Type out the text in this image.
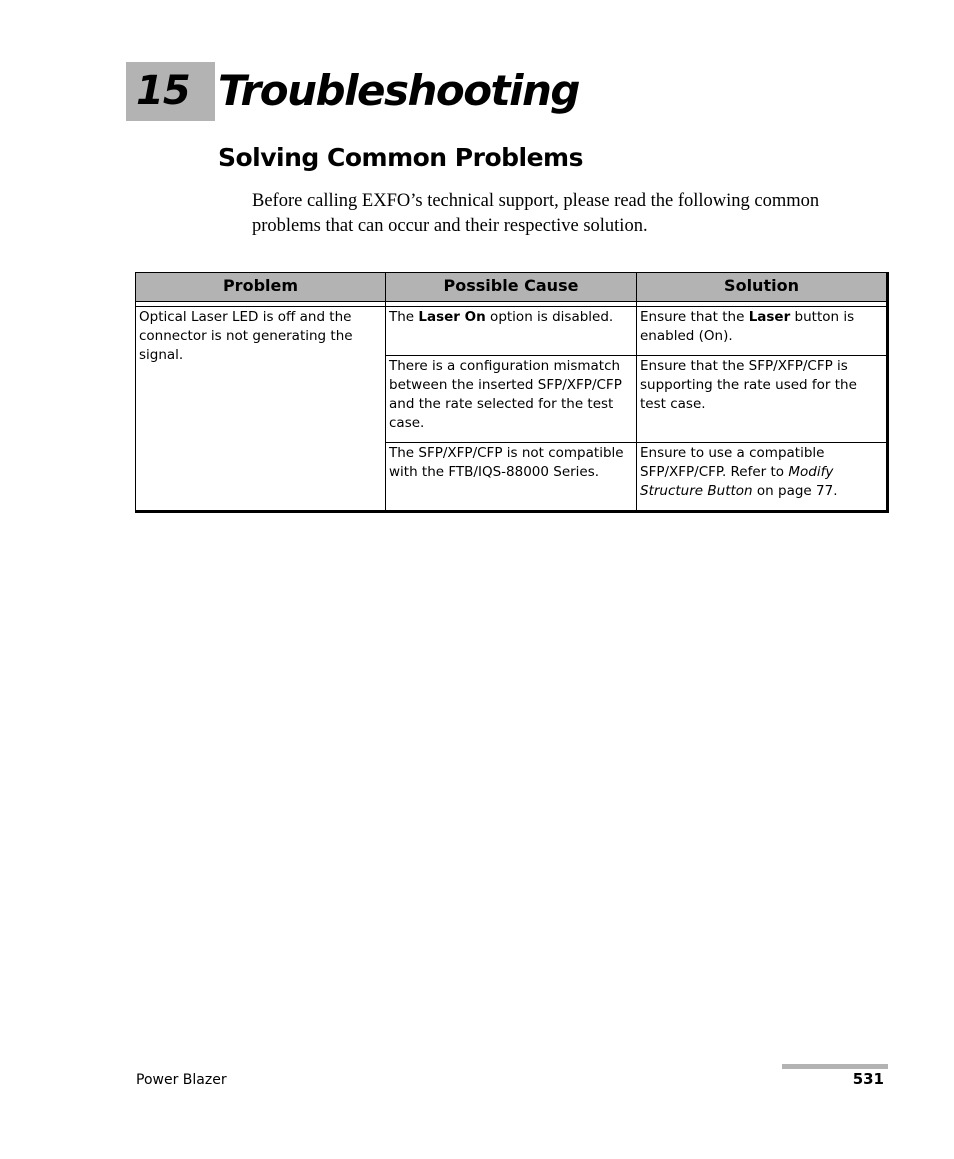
15 Troubleshooting
Solving Common Problems
Before calling EXFO’s technical support, please read the following common problems that can occur and their respective solution.
Problem	Possible Cause	Solution

Optical Laser LED is off and the connector is not generating the signal.	The Laser On option is disabled.	Ensure that the Laser button is enabled (On).
	There is a configuration mismatch between the inserted SFP/XFP/CFP and the rate selected for the test case.	Ensure that the SFP/XFP/CFP is supporting the rate used for the test case.
	The SFP/XFP/CFP is not compatible with the FTB/IQS-88000 Series.	Ensure to use a compatible SFP/XFP/CFP. Refer to Modify Structure Button on page 77.
Power Blazer	531
